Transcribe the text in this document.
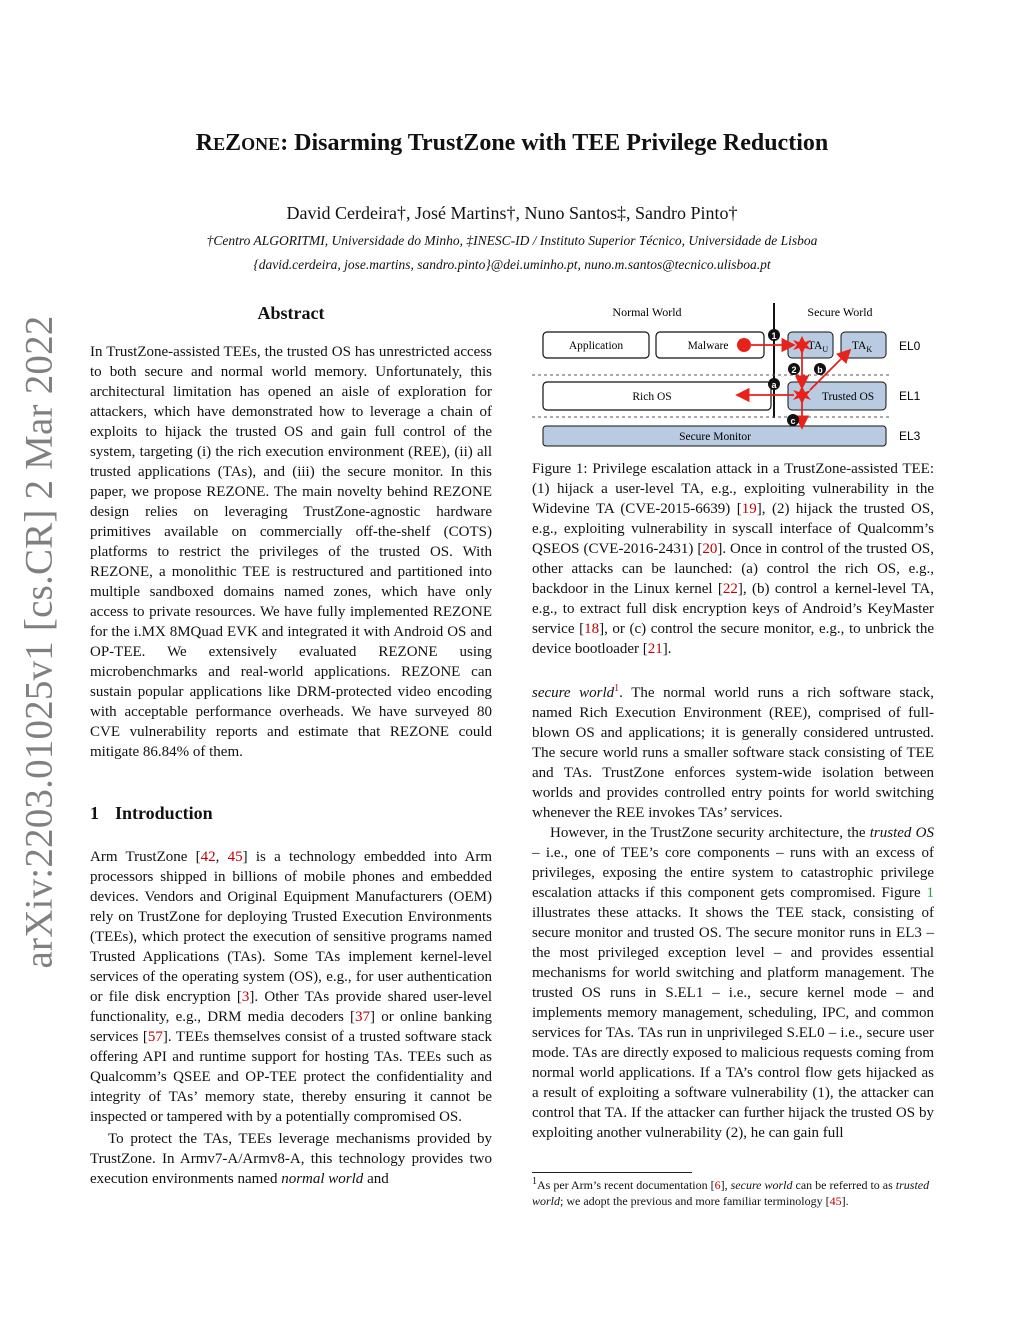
arXiv:2203.01025v1 [cs.CR] 2 Mar 2022
REZONE: Disarming TrustZone with TEE Privilege Reduction
David Cerdeira†, José Martins†, Nuno Santos‡, Sandro Pinto†
†Centro ALGORITMI, Universidade do Minho, ‡INESC-ID / Instituto Superior Técnico, Universidade de Lisboa
{david.cerdeira, jose.martins, sandro.pinto}@dei.uminho.pt, nuno.m.santos@tecnico.ulisboa.pt
Abstract

In TrustZone-assisted TEEs, the trusted OS has unrestricted access to both secure and normal world memory. Unfortunately, this architectural limitation has opened an aisle of exploration for attackers, which have demonstrated how to leverage a chain of exploits to hijack the trusted OS and gain full control of the system, targeting (i) the rich execution environment (REE), (ii) all trusted applications (TAs), and (iii) the secure monitor. In this paper, we propose REZONE. The main novelty behind REZONE design relies on leveraging TrustZone-agnostic hardware primitives available on commercially off-the-shelf (COTS) platforms to restrict the privileges of the trusted OS. With REZONE, a monolithic TEE is restructured and partitioned into multiple sandboxed domains named zones, which have only access to private resources. We have fully implemented REZONE for the i.MX 8MQuad EVK and integrated it with Android OS and OP-TEE. We extensively evaluated REZONE using microbenchmarks and real-world applications. REZONE can sustain popular applications like DRM-protected video encoding with acceptable performance overheads. We have surveyed 80 CVE vulnerability reports and estimate that REZONE could mitigate 86.84% of them.

1 Introduction

Arm TrustZone [42, 45] is a technology embedded into Arm processors shipped in billions of mobile phones and embedded devices. Vendors and Original Equipment Manufacturers (OEM) rely on TrustZone for deploying Trusted Execution Environments (TEEs), which protect the execution of sensitive programs named Trusted Applications (TAs). Some TAs implement kernel-level services of the operating system (OS), e.g., for user authentication or file disk encryption [3]. Other TAs provide shared user-level functionality, e.g., DRM media decoders [37] or online banking services [57]. TEEs themselves consist of a trusted software stack offering API and runtime support for hosting TAs. TEEs such as Qualcomm’s QSEE and OP-TEE protect the confidentiality and integrity of TAs’ memory state, thereby ensuring it cannot be inspected or tampered with by a potentially compromised OS.

To protect the TAs, TEEs leverage mechanisms provided by TrustZone. In Armv7-A/Armv8-A, this technology provides two execution environments named normal world and

Normal World	Secure World
Application	Malware	$TA_U$ $TA_K$
Rich OS	Trusted OS
Secure Monitor
EL0
EL1
EL3
1
2 b
a
c

Figure 1: Privilege escalation attack in a TrustZone-assisted TEE: (1) hijack a user-level TA, e.g., exploiting vulnerability in the Widevine TA (CVE-2015-6639) [19], (2) hijack the trusted OS, e.g., exploiting vulnerability in syscall interface of Qualcomm’s QSEOS (CVE-2016-2431) [20]. Once in control of the trusted OS, other attacks can be launched: (a) control the rich OS, e.g., backdoor in the Linux kernel [22], (b) control a kernel-level TA, e.g., to extract full disk encryption keys of Android’s KeyMaster service [18], or (c) control the secure monitor, e.g., to unbrick the device bootloader [21].

secure world$^1$. The normal world runs a rich software stack, named Rich Execution Environment (REE), comprised of full-blown OS and applications; it is generally considered untrusted. The secure world runs a smaller software stack consisting of TEE and TAs. TrustZone enforces system-wide isolation between worlds and provides controlled entry points for world switching whenever the REE invokes TAs’ services.

However, in the TrustZone security architecture, the trusted OS – i.e., one of TEE’s core components – runs with an excess of privileges, exposing the entire system to catastrophic privilege escalation attacks if this component gets compromised. Figure 1 illustrates these attacks. It shows the TEE stack, consisting of secure monitor and trusted OS. The secure monitor runs in EL3 – the most privileged exception level – and provides essential mechanisms for world switching and platform management. The trusted OS runs in S.EL1 – i.e., secure kernel mode – and implements memory management, scheduling, IPC, and common services for TAs. TAs run in unprivileged S.EL0 – i.e., secure user mode. TAs are directly exposed to malicious requests coming from normal world applications. If a TA’s control flow gets hijacked as a result of exploiting a software vulnerability (1), the attacker can control that TA. If the attacker can further hijack the trusted OS by exploiting another vulnerability (2), he can gain full

$^1$As per Arm’s recent documentation [6], secure world can be referred to as trusted world; we adopt the previous and more familiar terminology [45].
